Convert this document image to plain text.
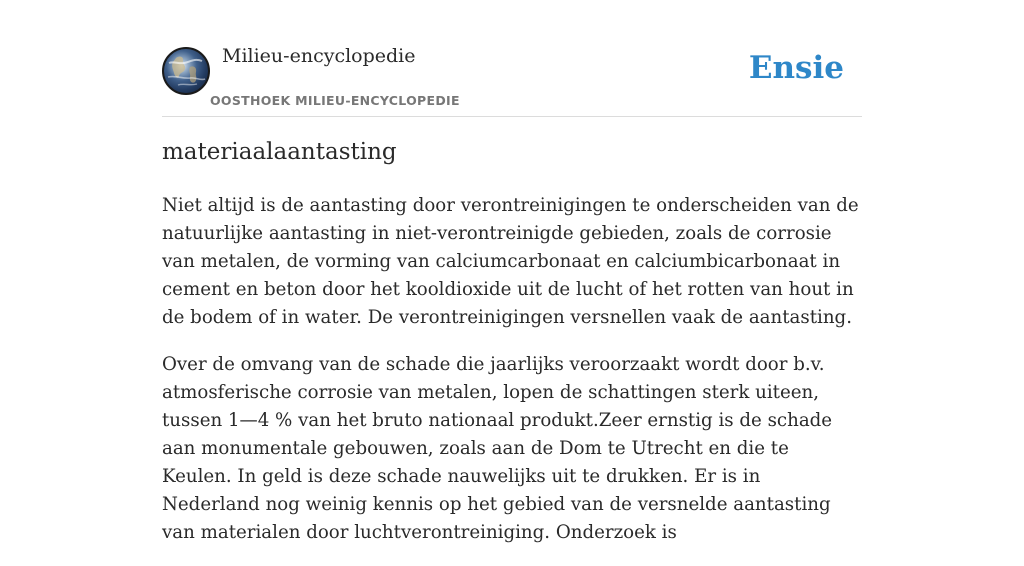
Milieu-encyclopedie
OOSTHOEK MILIEU-ENCYCLOPEDIE
Ensie
materiaalaantasting

Niet altijd is de aantasting door verontreinigingen te onderscheiden van de natuurlijke aantasting in niet-verontreinigde gebieden, zoals de corrosie van metalen, de vorming van calciumcarbonaat en calciumbicarbonaat in cement en beton door het kooldioxide uit de lucht of het rotten van hout in de bodem of in water. De verontreinigingen versnellen vaak de aantasting.

Over de omvang van de schade die jaarlijks veroorzaakt wordt door b.v. atmosferische corrosie van metalen, lopen de schattingen sterk uiteen, tussen 1—4 % van het bruto nationaal produkt.Zeer ernstig is de schade aan monumentale gebouwen, zoals aan de Dom te Utrecht en die te Keulen. In geld is deze schade nauwelijks uit te drukken. Er is in Nederland nog weinig kennis op het gebied van de versnelde aantasting van materialen door luchtverontreiniging. Onderzoek is
